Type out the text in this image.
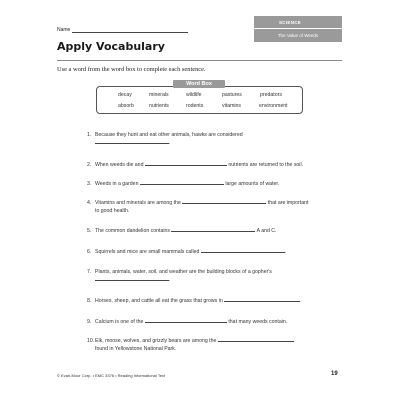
Name
SCIENCE
The Value of Weeds
Apply Vocabulary
Use a word from the word box to complete each sentence.
decay	minerals	wildlife	pastures	predators
absorb	nutrients	rodents	vitamins	environment
Word Box
1. Because they hunt and eat other animals, hawks are considered
.
2. When weeds die and	nutrients are returned to the soil.
3. Weeds in a garden	large amounts of water.
4. Vitamins and minerals are among the	that are important
to good health.
5. The common dandelion contains	A and C.
6. Squirrels and mice are small mammals called	.
7. Plants, animals, water, soil, and weather are the building blocks of a gopher's
.
8. Horses, sheep, and cattle all eat the grass that grows in	.
9. Calcium is one of the	that many weeds contain.
10.Elk, moose, wolves, and grizzly bears are among the
found in Yellowstone National Park.
© Evan-Moor Corp. • EMC 3376 • Reading Informational Text	19
